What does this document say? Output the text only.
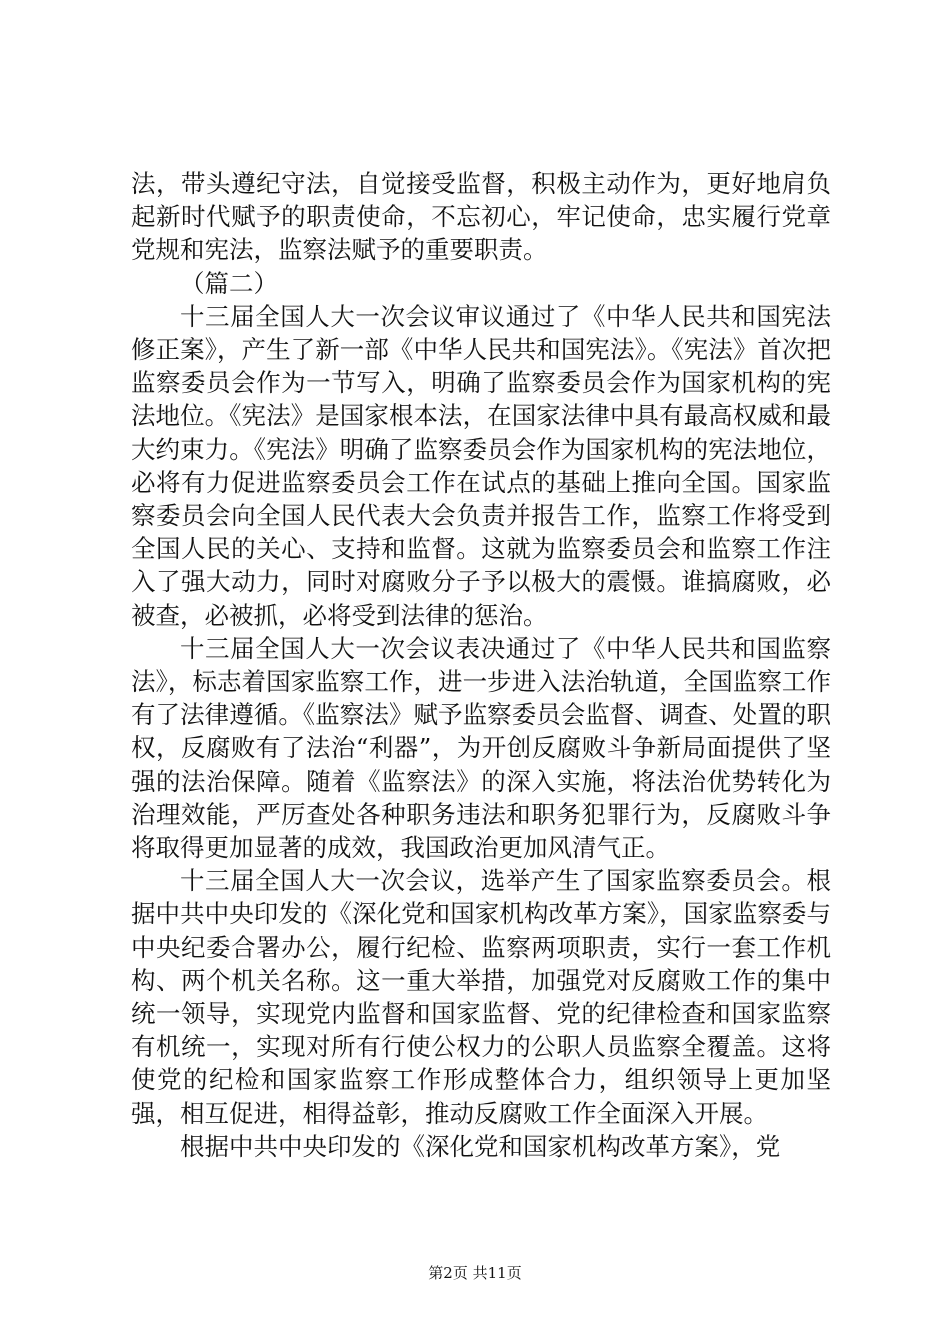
法，带头遵纪守法，自觉接受监督，积极主动作为，更好地肩负起新时代赋予的职责使命，不忘初心，牢记使命，忠实履行党章党规和宪法，监察法赋予的重要职责。

（篇二）

十三届全国人大一次会议审议通过了《中华人民共和国宪法修正案》，产生了新一部《中华人民共和国宪法》。《宪法》首次把监察委员会作为一节写入，明确了监察委员会作为国家机构的宪法地位。《宪法》是国家根本法，在国家法律中具有最高权威和最大约束力。《宪法》明确了监察委员会作为国家机构的宪法地位，必将有力促进监察委员会工作在试点的基础上推向全国。国家监察委员会向全国人民代表大会负责并报告工作，监察工作将受到全国人民的关心、支持和监督。这就为监察委员会和监察工作注入了强大动力，同时对腐败分子予以极大的震慑。谁搞腐败，必被查，必被抓，必将受到法律的惩治。

十三届全国人大一次会议表决通过了《中华人民共和国监察法》，标志着国家监察工作，进一步进入法治轨道，全国监察工作有了法律遵循。《监察法》赋予监察委员会监督、调查、处置的职权，反腐败有了法治“利器”，为开创反腐败斗争新局面提供了坚强的法治保障。随着《监察法》的深入实施，将法治优势转化为治理效能，严厉查处各种职务违法和职务犯罪行为，反腐败斗争将取得更加显著的成效，我国政治更加风清气正。

十三届全国人大一次会议，选举产生了国家监察委员会。根据中共中央印发的《深化党和国家机构改革方案》，国家监察委与中央纪委合署办公，履行纪检、监察两项职责，实行一套工作机构、两个机关名称。这一重大举措，加强党对反腐败工作的集中统一领导，实现党内监督和国家监督、党的纪律检查和国家监察有机统一，实现对所有行使公权力的公职人员监察全覆盖。这将使党的纪检和国家监察工作形成整体合力，组织领导上更加坚强，相互促进，相得益彰，推动反腐败工作全面深入开展。

根据中共中央印发的《深化党和国家机构改革方案》，党

第2页 共11页
